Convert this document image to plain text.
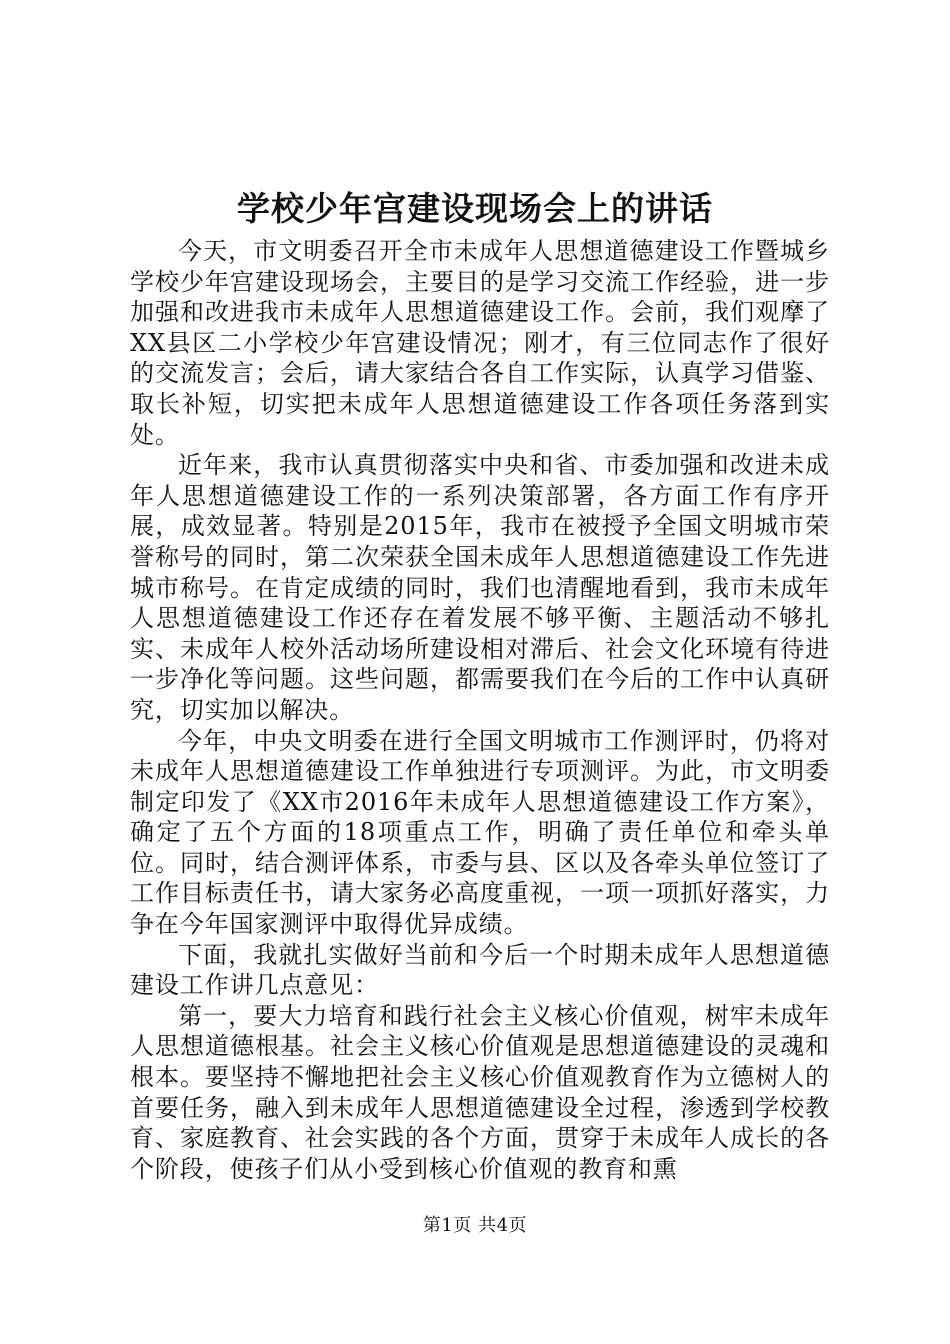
学校少年宫建设现场会上的讲话

今天，市文明委召开全市未成年人思想道德建设工作暨城乡学校少年宫建设现场会，主要目的是学习交流工作经验，进一步加强和改进我市未成年人思想道德建设工作。会前，我们观摩了XX县区二小学校少年宫建设情况；刚才，有三位同志作了很好的交流发言；会后，请大家结合各自工作实际，认真学习借鉴、取长补短，切实把未成年人思想道德建设工作各项任务落到实处。

近年来，我市认真贯彻落实中央和省、市委加强和改进未成年人思想道德建设工作的一系列决策部署，各方面工作有序开展，成效显著。特别是2015年，我市在被授予全国文明城市荣誉称号的同时，第二次荣获全国未成年人思想道德建设工作先进城市称号。在肯定成绩的同时，我们也清醒地看到，我市未成年人思想道德建设工作还存在着发展不够平衡、主题活动不够扎实、未成年人校外活动场所建设相对滞后、社会文化环境有待进一步净化等问题。这些问题，都需要我们在今后的工作中认真研究，切实加以解决。

今年，中央文明委在进行全国文明城市工作测评时，仍将对未成年人思想道德建设工作单独进行专项测评。为此，市文明委制定印发了《XX市2016年未成年人思想道德建设工作方案》，确定了五个方面的18项重点工作，明确了责任单位和牵头单位。同时，结合测评体系，市委与县、区以及各牵头单位签订了工作目标责任书，请大家务必高度重视，一项一项抓好落实，力争在今年国家测评中取得优异成绩。

下面，我就扎实做好当前和今后一个时期未成年人思想道德建设工作讲几点意见：

第一，要大力培育和践行社会主义核心价值观，树牢未成年人思想道德根基。社会主义核心价值观是思想道德建设的灵魂和根本。要坚持不懈地把社会主义核心价值观教育作为立德树人的首要任务，融入到未成年人思想道德建设全过程，渗透到学校教育、家庭教育、社会实践的各个方面，贯穿于未成年人成长的各个阶段，使孩子们从小受到核心价值观的教育和熏

第1页 共4页
